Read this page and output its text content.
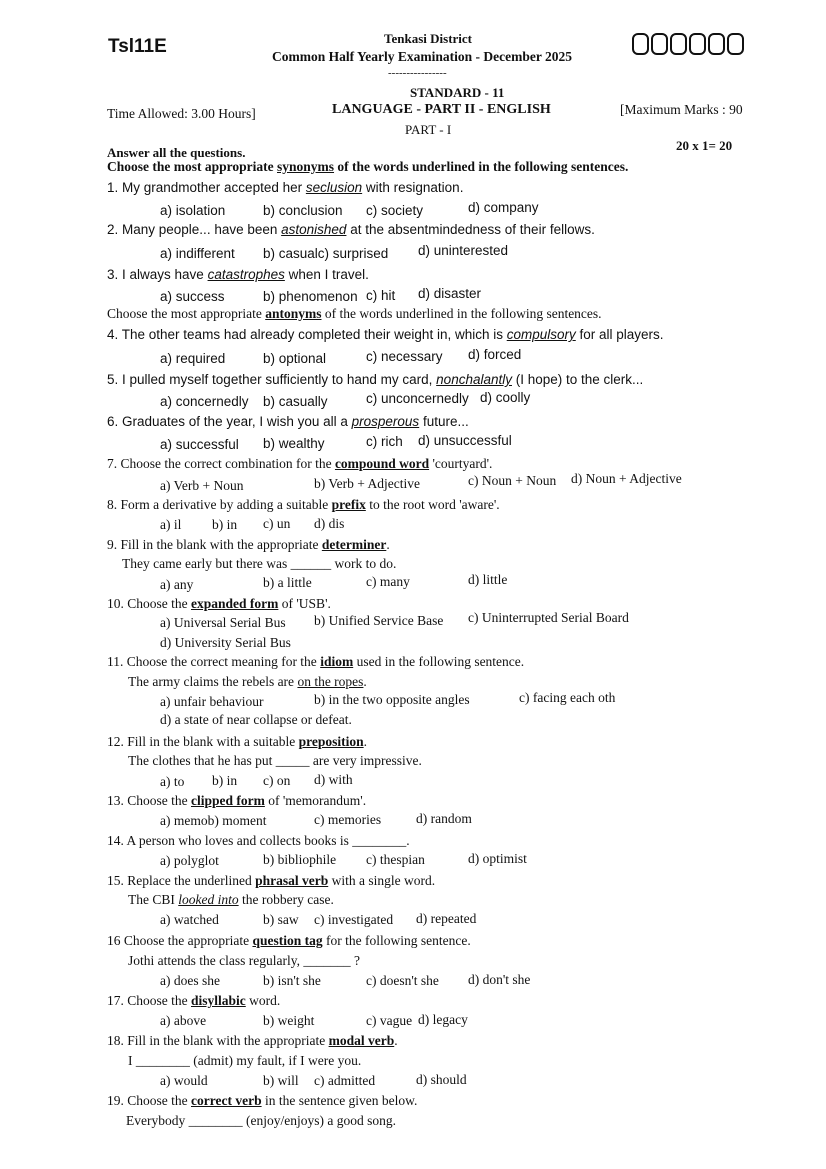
Tsl11E	Tenkasi District
Common Half Yearly Examination - December 2025
----------------
STANDARD - 11
Time Allowed: 3.00 Hours]	LANGUAGE - PART II - ENGLISH	[Maximum Marks : 90
PART - I
20 x 1= 20
Answer all the questions.
Choose the most appropriate synonyms of the words underlined in the following sentences.
1. My grandmother accepted her seclusion with resignation.
a) isolation	b) conclusion c) society	d) company
2. Many people... have been astonished at the absentmindedness of their fellows.
a) indifferent b) casualc) surprised d) uninterested
3. I always have catastrophes when I travel.
a) success	b) phenomenon c) hit d) disaster
Choose the most appropriate antonyms of the words underlined in the following sentences.
4. The other teams had already completed their weight in, which is compulsory for all players.
a) required	b) optional	c) necessary d) forced
5. I pulled myself together sufficiently to hand my card, nonchalantly (I hope) to the clerk...
a) concernedly b) casually	c) unconcernedly d) coolly
6. Graduates of the year, I wish you all a prosperous future...
a) successful b) wealthy	c) rich d) unsuccessful
7. Choose the correct combination for the compound word 'courtyard'.
a) Verb + Noun	b) Verb + Adjective	c) Noun + Noun d) Noun + Adjective
8. Form a derivative by adding a suitable prefix to the root word 'aware'.
a) il b) in c) un d) dis
9. Fill in the blank with the appropriate determiner.
They came early but there was ______ work to do.
a) any	b) a little	c) many	d) little
10. Choose the expanded form of 'USB'.
a) Universal Serial Bus b) Unified Service Base c) Uninterrupted Serial Board
d) University Serial Bus
11. Choose the correct meaning for the idiom used in the following sentence.
The army claims the rebels are on the ropes.
a) unfair behaviour	b) in the two opposite angles	c) facing each oth
d) a state of near collapse or defeat.
12. Fill in the blank with a suitable preposition.
The clothes that he has put _____ are very impressive.
a) to b) in c) on d) with
13. Choose the clipped form of 'memorandum'.
a) memob) moment	c) memories	d) random
14. A person who loves and collects books is ________.
a) polyglot	b) bibliophile c) thespian	d) optimist
15. Replace the underlined phrasal verb with a single word.
The CBI looked into the robbery case.
a) watched	b) saw c) investigated d) repeated
16 Choose the appropriate question tag for the following sentence.
Jothi attends the class regularly, _______ ?
a) does she	b) isn't she	c) doesn't she d) don't she
17. Choose the disyllabic word.
a) above	b) weight	c) vague d) legacy
18. Fill in the blank with the appropriate modal verb.
I ________ (admit) my fault, if I were you.
a) would	b) will c) admitted	d) should
19. Choose the correct verb in the sentence given below.
Everybody ________ (enjoy/enjoys) a good song.
